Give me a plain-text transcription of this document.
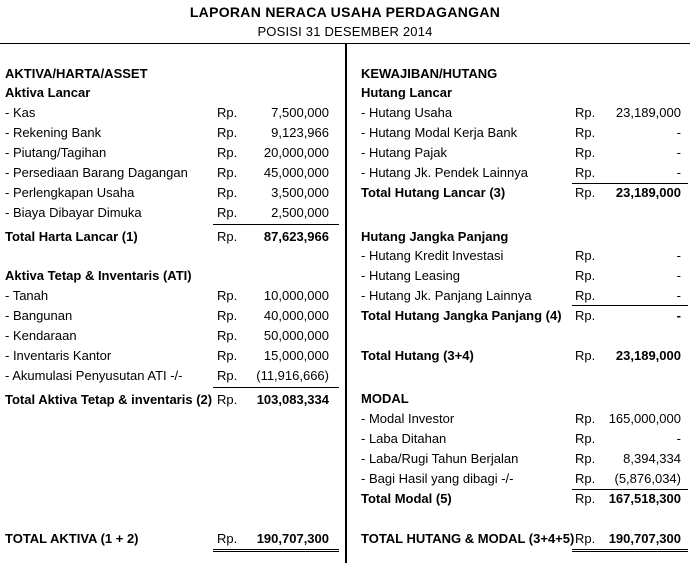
LAPORAN NERACA USAHA PERDAGANGAN
POSISI 31 DESEMBER 2014
AKTIVA/HARTA/ASSET
Aktiva Lancar
- Kas	Rp.	7,500,000
- Rekening Bank	Rp.	9,123,966
- Piutang/Tagihan	Rp.	20,000,000
- Persediaan Barang Dagangan Rp.	45,000,000
- Perlengkapan Usaha	Rp.	3,500,000
- Biaya Dibayar Dimuka	Rp.	2,500,000
Total Harta Lancar (1)	Rp.	87,623,966
Aktiva Tetap & Inventaris (ATI)
- Tanah	Rp.	10,000,000
- Bangunan	Rp.	40,000,000
- Kendaraan	Rp.	50,000,000
- Inventaris Kantor	Rp.	15,000,000
- Akumulasi Penyusutan ATI -/-	Rp.	(11,916,666)
Total Aktiva Tetap & inventaris (2) Rp.	103,083,334
TOTAL AKTIVA (1 + 2)	Rp.	190,707,300
KEWAJIBAN/HUTANG
Hutang Lancar
- Hutang Usaha	Rp.	23,189,000
- Hutang Modal Kerja Bank	Rp.	-
- Hutang Pajak	Rp.	-
- Hutang Jk. Pendek Lainnya	Rp.	-
Total Hutang Lancar (3)	Rp.	23,189,000
Hutang Jangka Panjang
- Hutang Kredit Investasi	Rp.	-
- Hutang Leasing	Rp.	-
- Hutang Jk. Panjang Lainnya	Rp.	-
Total Hutang Jangka Panjang (4) Rp.	-
Total Hutang (3+4)	Rp.	23,189,000
MODAL
- Modal Investor	Rp.	165,000,000
- Laba Ditahan	Rp.	-
- Laba/Rugi Tahun Berjalan	Rp.	8,394,334
- Bagi Hasil yang dibagi -/-	Rp.	(5,876,034)
Total Modal (5)	Rp.	167,518,300
TOTAL HUTANG & MODAL (3+4+5) Rp.	190,707,300
